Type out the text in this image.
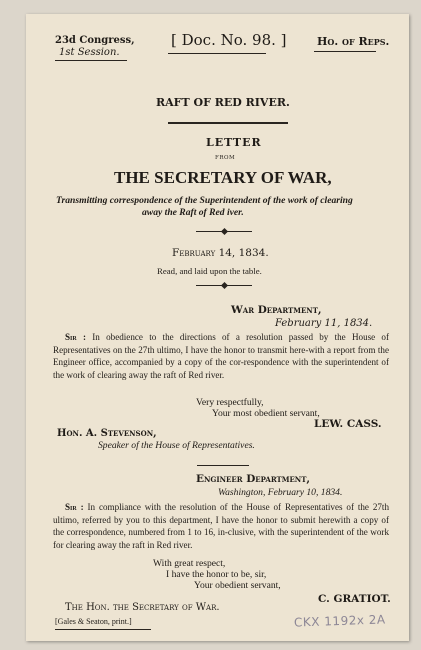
23d Congress,
1st Session.
[ Doc. No. 98. ]	Ho. of Reps.
RAFT OF RED RIVER.
LETTER
FROM
THE SECRETARY OF WAR,
Transmitting correspondence of the Superintendent of the work of clearing
away the Raft of Red iver.
February 14, 1834.
Read, and laid upon the table.
War Department,
February 11, 1834.
Sir : In obedience to the directions of a resolution passed by the House of Representatives on the 27th ultimo, I have the honor to transmit here-with a report from the Engineer office, accompanied by a copy of the cor-respondence with the superintendent of the work of clearing away the raft of Red river.
Very respectfully,
Your most obedient servant,
LEW. CASS.
Hon. A. Stevenson,
Speaker of the House of Representatives.
Engineer Department,
Washington, February 10, 1834.
Sir : In compliance with the resolution of the House of Representatives of the 27th ultimo, referred by you to this department, I have the honor to submit herewith a copy of the correspondence, numbered from 1 to 16, in-clusive, with the superintendent of the work for clearing away the raft in Red river.
With great respect,
I have the honor to be, sir,
Your obedient servant,
C. GRATIOT.
The Hon. the Secretary of War.
[Gales & Seaton, print.]	CKX 1192x 2A
